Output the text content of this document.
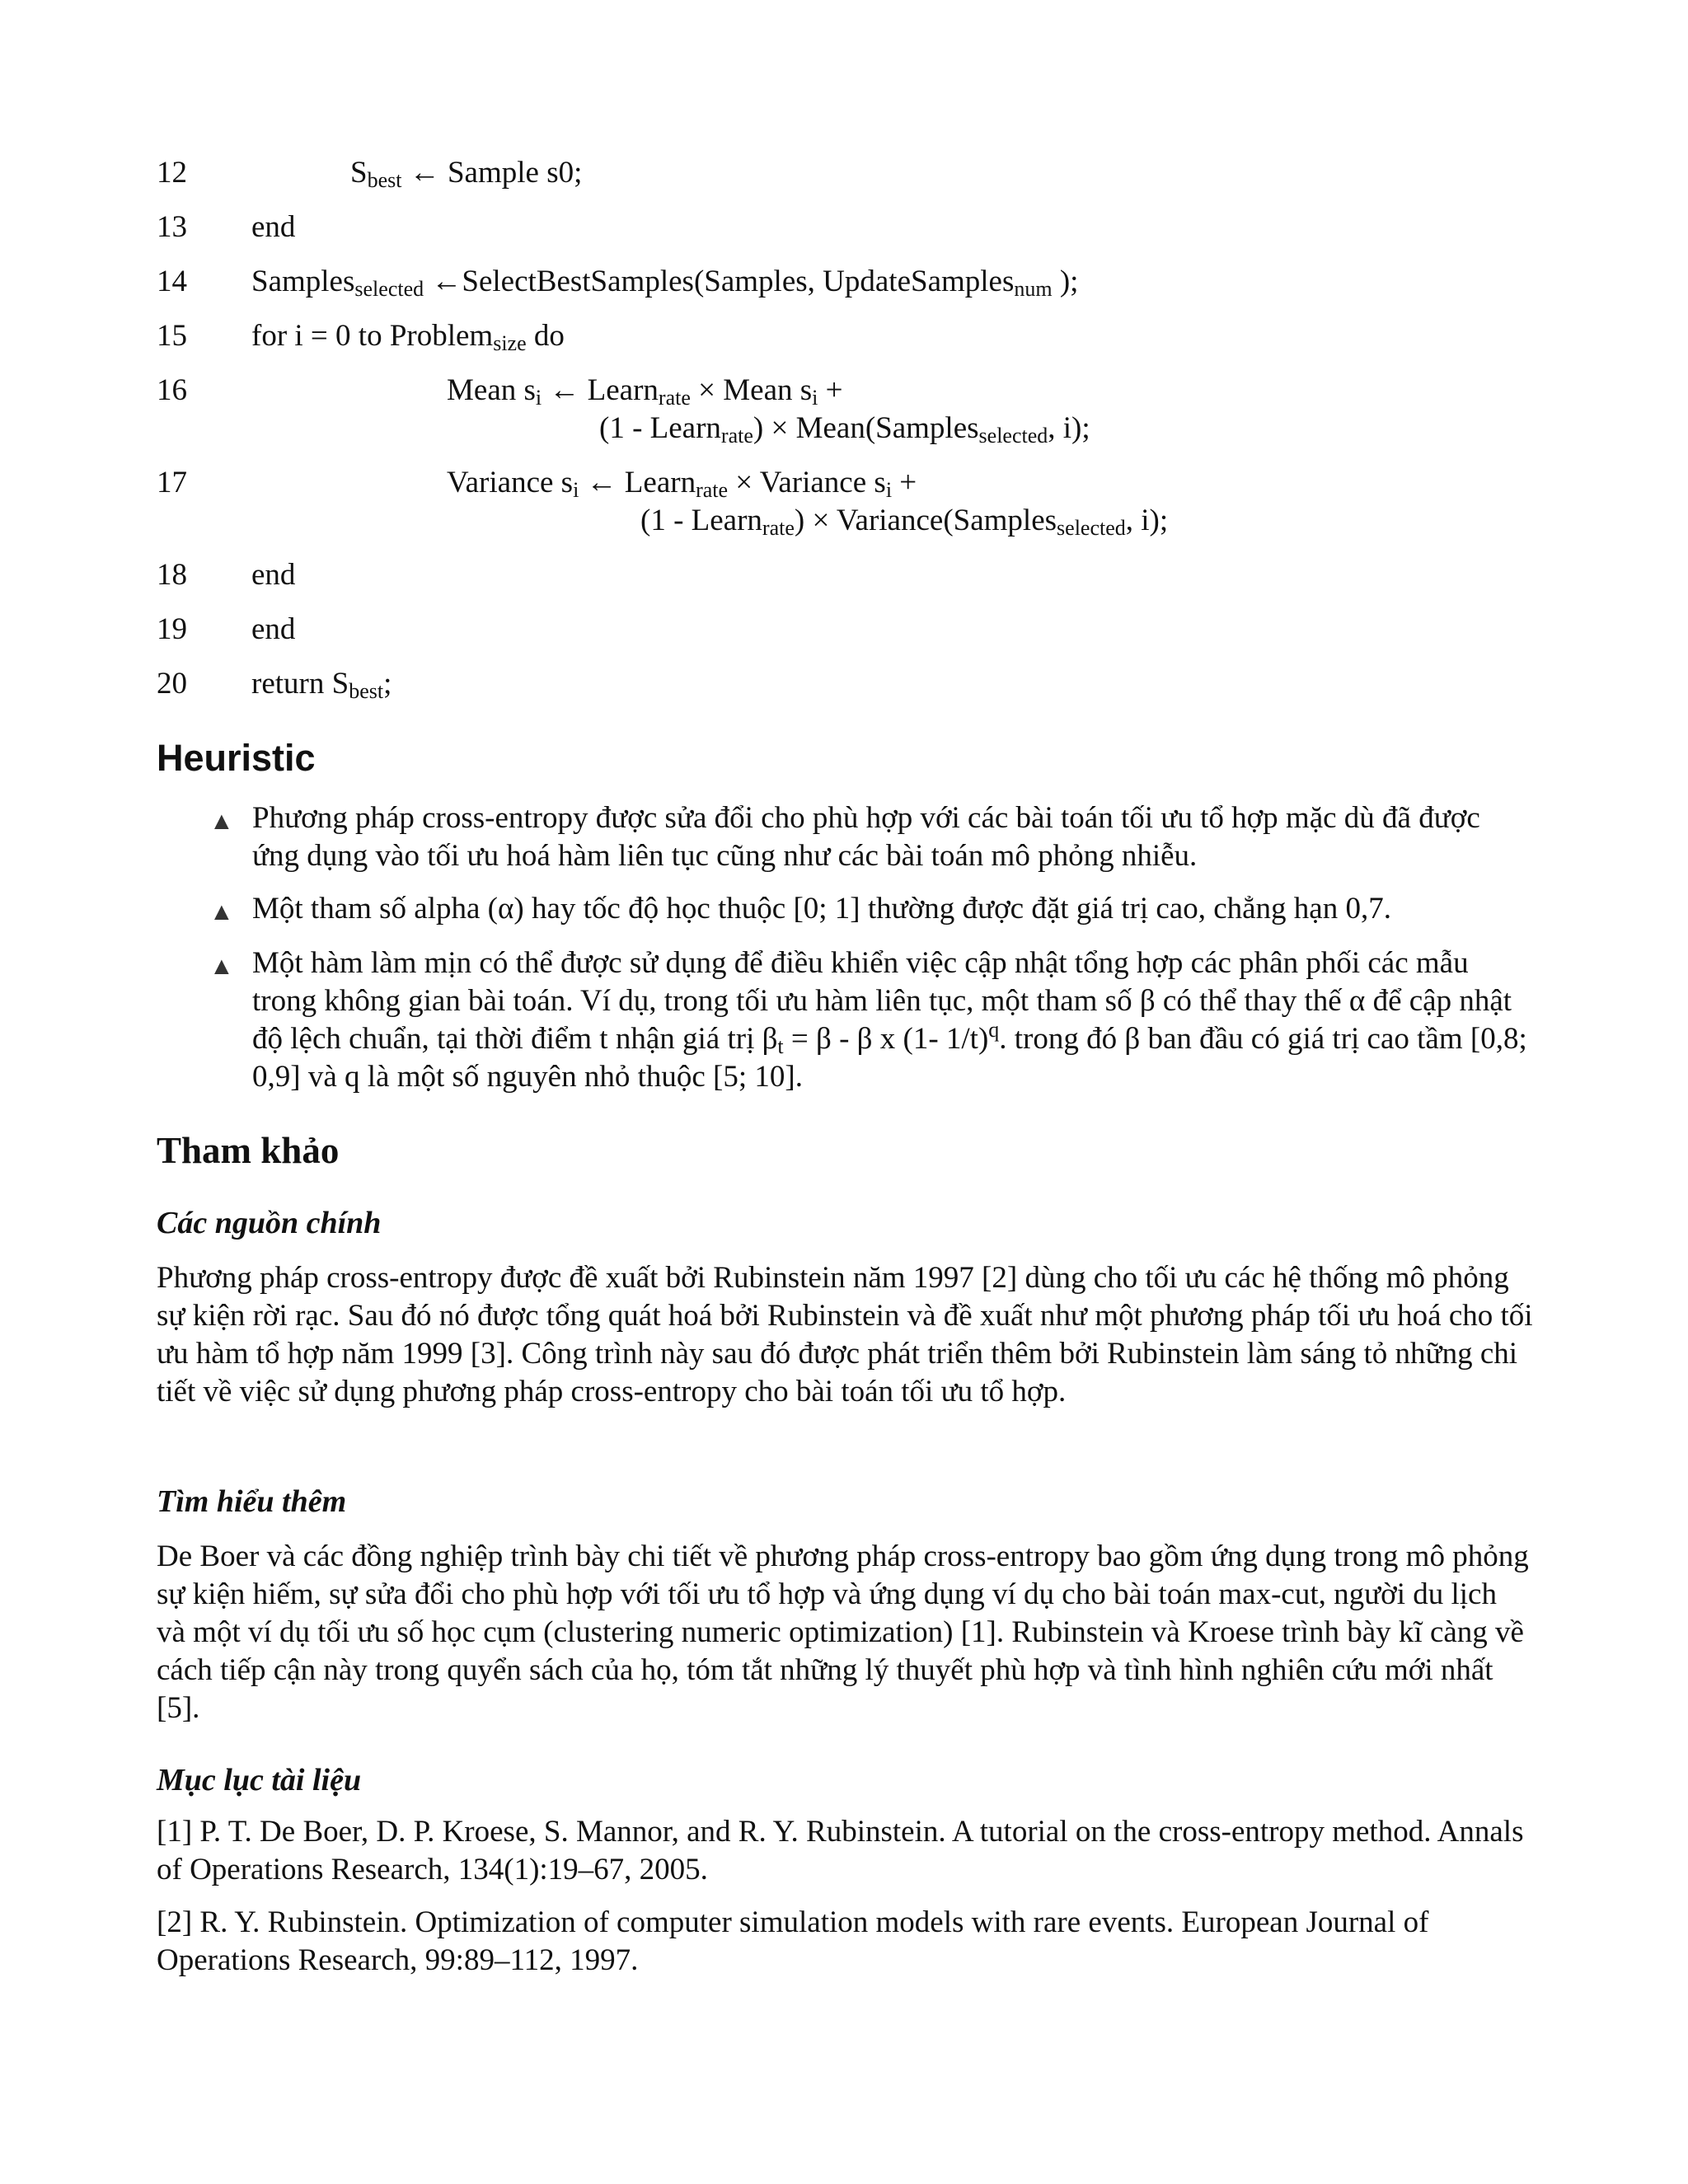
12	$S_{best}$ ← Sample s0;
13 end
14 Samples$_{selected}$ ←SelectBestSamples(Samples, UpdateSamples$_{num}$ );
15 for i = 0 to Problem$_{size}$ do
16	Mean $s_i$ ← Learn$_{rate}$ × Mean $s_i$ +
(1 - Learn$_{rate}$) × Mean(Samples$_{selected}$, i);
17	Variance $s_i$ ← Learn$_{rate}$ × Variance $s_i$ +
(1 - Learn$_{rate}$) × Variance(Samples$_{selected}$, i);
18 end
19 end
20 return $S_{best}$;
Heuristic
▲ Phương pháp cross-entropy được sửa đổi cho phù hợp với các bài toán tối ưu tổ hợp mặc dù đã được ứng dụng vào tối ưu hoá hàm liên tục cũng như các bài toán mô phỏng nhiễu.
▲ Một tham số alpha (α) hay tốc độ học thuộc [0; 1] thường được đặt giá trị cao, chẳng hạn 0,7.
▲ Một hàm làm mịn có thể được sử dụng để điều khiển việc cập nhật tổng hợp các phân phối các mẫu trong không gian bài toán. Ví dụ, trong tối ưu hàm liên tục, một tham số β có thể thay thế α để cập nhật độ lệch chuẩn, tại thời điểm t nhận giá trị $\beta_t = \beta - \beta$ x (1- 1/t)$^q$. trong đó β ban đầu có giá trị cao tầm [0,8; 0,9] và q là một số nguyên nhỏ thuộc [5; 10].
Tham khảo
Các nguồn chính
Phương pháp cross-entropy được đề xuất bởi Rubinstein năm 1997 [2] dùng cho tối ưu các hệ thống mô phỏng sự kiện rời rạc. Sau đó nó được tổng quát hoá bởi Rubinstein và đề xuất như một phương pháp tối ưu hoá cho tối ưu hàm tổ hợp năm 1999 [3]. Công trình này sau đó được phát triển thêm bởi Rubinstein làm sáng tỏ những chi tiết về việc sử dụng phương pháp cross-entropy cho bài toán tối ưu tổ hợp.
Tìm hiểu thêm
De Boer và các đồng nghiệp trình bày chi tiết về phương pháp cross-entropy bao gồm ứng dụng trong mô phỏng sự kiện hiếm, sự sửa đổi cho phù hợp với tối ưu tổ hợp và ứng dụng ví dụ cho bài toán max-cut, người du lịch và một ví dụ tối ưu số học cụm (clustering numeric optimization) [1]. Rubinstein và Kroese trình bày kĩ càng về cách tiếp cận này trong quyển sách của họ, tóm tắt những lý thuyết phù hợp và tình hình nghiên cứu mới nhất [5].
Mục lục tài liệu
[1] P. T. De Boer, D. P. Kroese, S. Mannor, and R. Y. Rubinstein. A tutorial on the cross-entropy method. Annals of Operations Research, 134(1):19–67, 2005.
[2] R. Y. Rubinstein. Optimization of computer simulation models with rare events. European Journal of Operations Research, 99:89–112, 1997.
